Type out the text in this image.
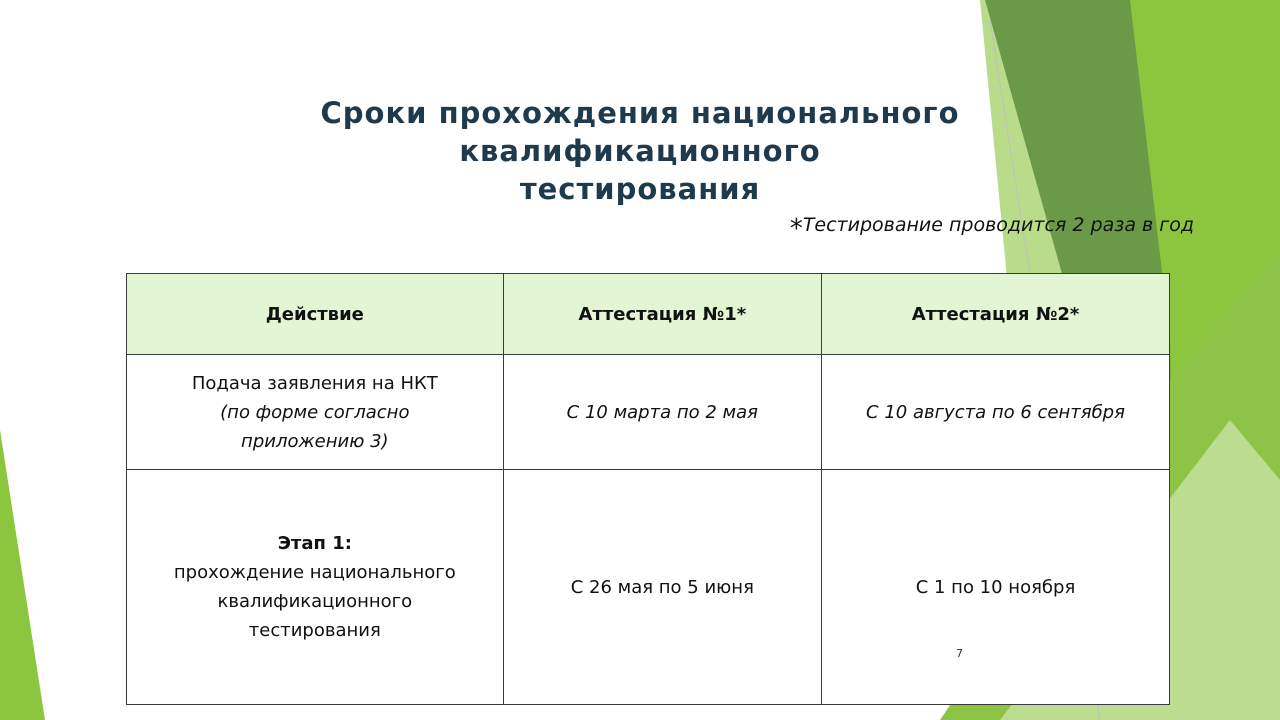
Сроки прохождения национального квалификационного
тестирования
*Тестирование проводится 2 раза в год
Действие	Аттестация №1*	Аттестация №2*

Подача заявления на НКТ
(по форме согласно
приложению 3)	С 10 марта по 2 мая	С 10 августа по 6 сентября

Этап 1:
прохождение национального
квалификационного
тестирования	С 26 мая по 5 июня	С 1 по 10 ноября
7
